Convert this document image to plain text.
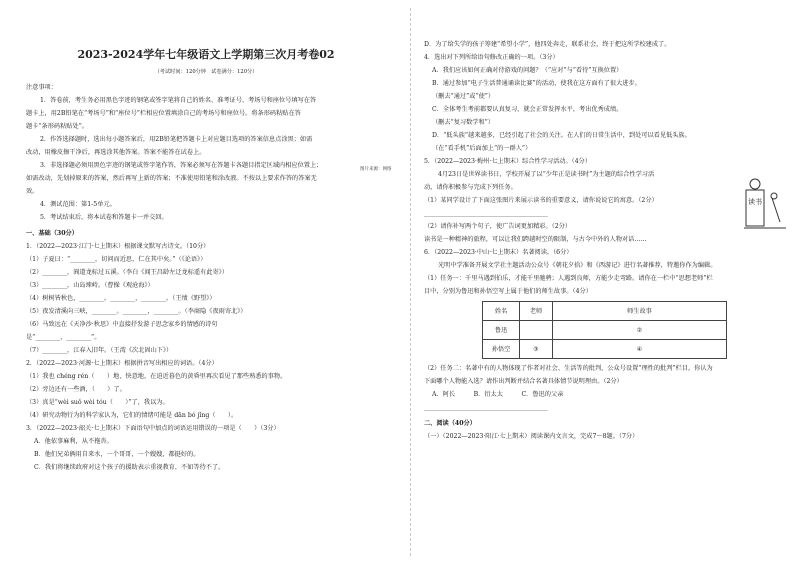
2023-2024学年七年级语文上学期第三次月考卷02
（考试时间：120分钟　试卷满分：120分）
注意事项：
1．答卷前，考生务必用黑色字迹的钢笔或签字笔将自己的姓名、准考证号、考场号和座位号填写在答
题卡上，用2B铅笔在“考场号”和“座位号”栏相应位置填涂自己的考场号和座位号。将条形码粘贴在答
题卡“条形码粘贴处”。
2．作答选择题时，选出每小题答案后，用2B铅笔把答题卡上对应题目选项的答案信息点涂黑；如需
改动，用橡皮擦干净后，再选涂其他答案。答案不能答在试卷上。
3．非选择题必须用黑色字迹的钢笔或签字笔作答，答案必须写在答题卡各题目指定区域内相应位置上；
如需改动，先划掉原来的答案，然后再写上新的答案；不准使用铅笔和涂改液。不按以上要求作答的答案无
效。
4．测试范围：第1-5单元。
5．考试结束后，将本试卷和答题卡一并交回。
一、基础（30分）
1．（2022—2023·江门·七上期末）根据课文默写古诗文。（10分）
（1）子夏曰：“________，切问而近思，仁在其中矣。”（《论语》）
（2）________，阆道龙标过五溪。（李白《闻王昌龄左迁龙标遥有此寄》）
（3）________，山岛竦峙。（曹操《观沧海》）
（4）树树皆秋色，________。________，________。（王绩《野望》）
（5）夜发清溪向三峡，________。________，________。（李商隐《夜雨寄北》）
（6）马致远在《天净沙·秋思》中直接抒发游子思念家乡的情感的诗句
是“________，________”。
（7）________，江春入旧年。（王湾《次北固山下》）
2．（2022—2023·河源·七上期末）根据拼音写出相应的词语。（4分）
（1）我也 chéng rén（　　）地，快意地，在迫近暮色的黄昏里再次看见了那些熟悉的事物。
（2）旁边还有一些酒，（　　）了。
（3）真是“wèi suǒ wèi tóu（　　）”了，我以为。
（4）研究动物行为的科学家认为，它们的情绪可能是 dān bó jǐng（　　）。
3．（2022—2023·韶关·七上期末）下面语句中加点的词语运用错误的一项是（　　）（3分）
A．他依事麻利，从不拖沓。
B．他们兄弟俩用自来水，一个哥哥，一个嫂嫂，都挺好的。
C．我们将继续政府对这个孩子的援助表示重视教育，不如等待不了。
D．为了给失学的孩子筹建“希望小学”，他四处奔走，联系社会，终于把这所学校建成了。
4．选出对下列所给语句修改正确的一项。（3分）
A．我们应该如何正确对待游戏的问题？（“应对”与“看待”互换位置）
B．通过参加“电子生活普通诵读比赛”的活动，使我在这方面有了很大进步。
（删去“通过”或“使”）
C．全体考生考前都要认真复习，就会正常发挥水平，考出优秀成绩。
（删去“复习数学和”）
D．“低头族”越来越多，已经引起了社会的关注。在人们的日常生活中，到处可以看见低头族。
（在“看手机”后面加上“的一群人”）
5．（2022—2023·梅州·七上期末）综合性学习活动。（4分）
4月23日是世界读书日，学校开展了以“少年正是读书时”为主题的综合性学习活
动，请你积极参与完成下列任务。
（1）某同学设计了下面这张图片来展示读书的重要意义，请你说说它的寓意。（2分）
________________________________________
（2）请你补写两个句子，使广告词更加精彩。（2分）
读书是一种精神的旅程，可以让我们跨越时空的限制，与古今中外的人物对话……
6．（2022—2023·中山·七上期末）名著阅读。（6分）
光明中学准备开展文学社主题活动公众号《朝花夕拾》和《西游记》进行名著推荐，特邀你作为编辑。
（1）任务一：千里马遇到伯乐，才能千里驰骋；人遇到良师，方能少走弯路。请你在一栏中“思想老师”栏
目中，分别为鲁迅和孙悟空写上属于他们的师生故事。（4分）
姓名	老师	师生故事
鲁迅		②
孙悟空	③	④
（2）任务二：名著中有的人物体现了作者对社会、生活等的批判，公众号设置“理性的批判”栏目，你认为
下面哪个人物能入选？请作出判断并结合名著具体情节说明理由。（2分）
A．阿长　　　B．衍太太　　　C．鲁迅的父亲
________________________________________
二、阅读（40分）
（一）（2022—2023·阳江·七上期末）阅读课内文言文，完成7～8题。（7分）
图片来源：网络
读书
